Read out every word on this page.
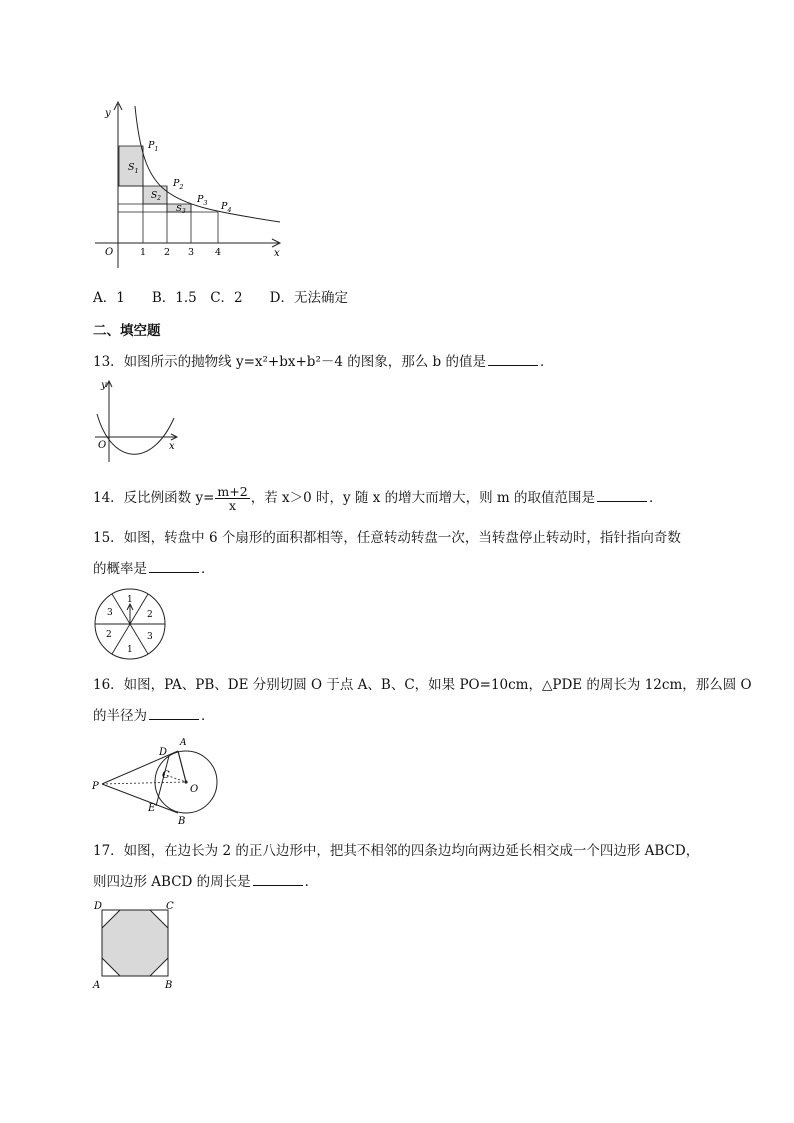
y
x
O	1 2 3 4
$P_1$
$P_2$
$P_3$ $P_4$
$S_1$
$S_2$
$S_3$
A．1　　B．1.5　C．2　　D．无法确定
二、填空题
13．如图所示的抛物线 y=x²+bx+b²－4 的图象，那么 b 的值是	．
y
x
O
14．反比例函数 $y= \frac{m+2}{x}$ ，若 x＞0 时，y 随 x 的增大而增大，则 m 的取值范围是	．
15．如图，转盘中 6 个扇形的面积都相等，任意转动转盘一次，当转盘停止转动时，指针指向奇数
的概率是	．
1
2
3
1
2
3
16．如图，PA、PB、DE 分别切圆 O 于点 A、B、C，如果 PO=10cm，△PDE 的周长为 12cm，那么圆 O
的半径为	．
P
A
B
C
D
E
O
17．如图，在边长为 2 的正八边形中，把其不相邻的四条边均向两边延长相交成一个四边形 ABCD，
则四边形 ABCD 的周长是	．
D	C
A	B
